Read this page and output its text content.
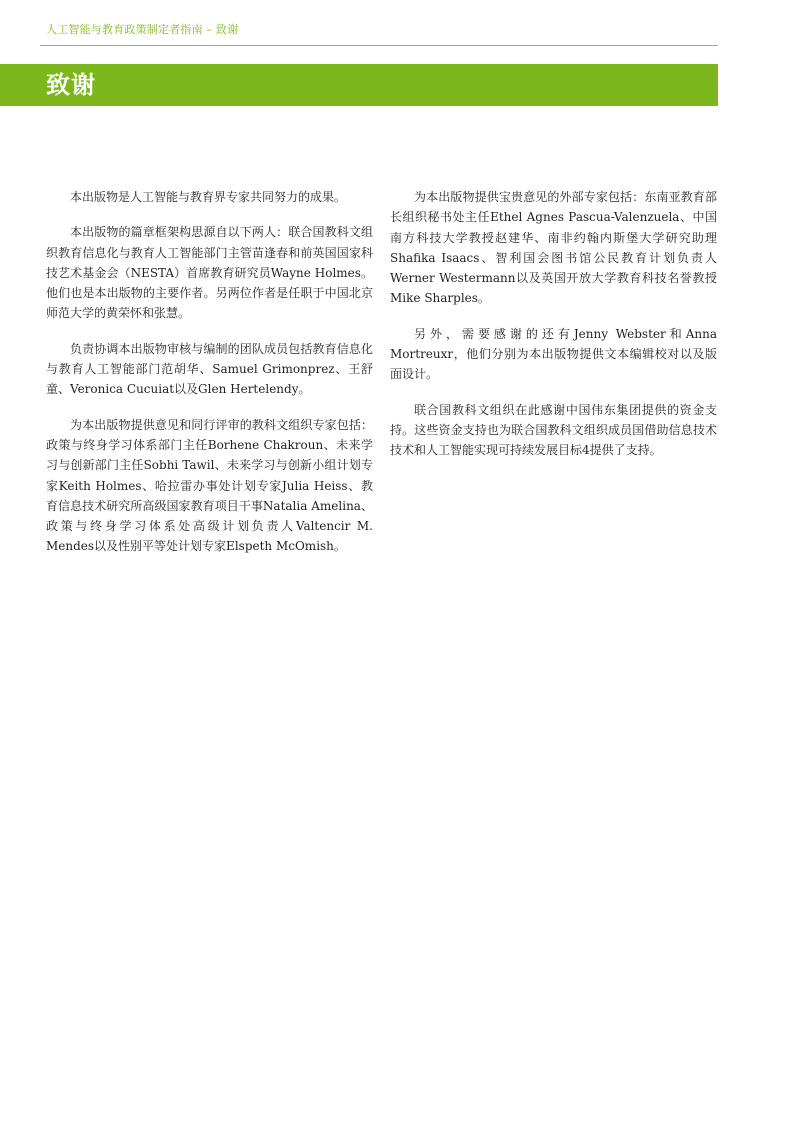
人工智能与教育政策制定者指南 – 致谢
致谢

本出版物是人工智能与教育界专家共同努力的成果。

本出版物的篇章框架构思源自以下两人：联合国教科文组织教育信息化与教育人工智能部门主管苗逢春和前英国国家科技艺术基金会（NESTA）首席教育研究员Wayne Holmes。他们也是本出版物的主要作者。另两位作者是任职于中国北京师范大学的黄荣怀和张慧。

负责协调本出版物审核与编制的团队成员包括教育信息化与教育人工智能部门范胡华、Samuel Grimonprez、王舒童、Veronica Cucuiat以及Glen Hertelendy。

为本出版物提供意见和同行评审的教科文组织专家包括：政策与终身学习体系部门主任Borhene Chakroun、未来学习与创新部门主任Sobhi Tawil、未来学习与创新小组计划专家Keith Holmes、哈拉雷办事处计划专家Julia Heiss、教育信息技术研究所高级国家教育项目干事Natalia Amelina、政策与终身学习体系处高级计划负责人Valtencir M. Mendes以及性别平等处计划专家Elspeth McOmish。

为本出版物提供宝贵意见的外部专家包括：东南亚教育部长组织秘书处主任Ethel Agnes Pascua-Valenzuela、中国南方科技大学教授赵建华、南非约翰内斯堡大学研究助理Shafika Isaacs、智利国会图书馆公民教育计划负责人Werner Westermann以及英国开放大学教育科技名誉教授Mike Sharples。

另外，需要感谢的还有Jenny Webster和Anna Mortreuxr，他们分别为本出版物提供文本编辑校对以及版面设计。

联合国教科文组织在此感谢中国伟东集团提供的资金支持。这些资金支持也为联合国教科文组织成员国借助信息技术技术和人工智能实现可持续发展目标4提供了支持。
